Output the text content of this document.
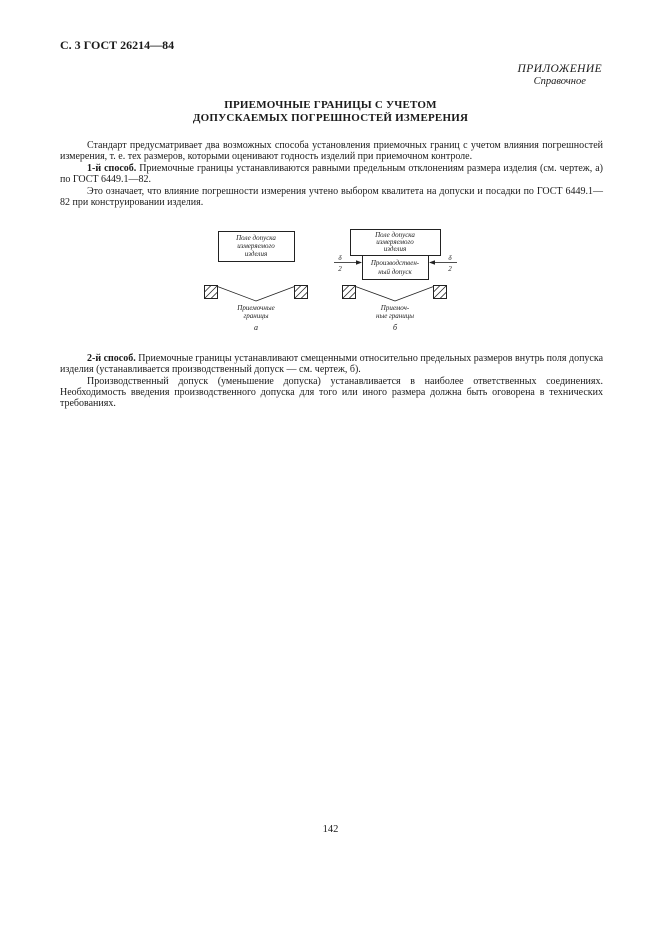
С. 3 ГОСТ 26214—84
ПРИЛОЖЕНИЕ
Справочное
ПРИЕМОЧНЫЕ ГРАНИЦЫ С УЧЕТОМ
ДОПУСКАЕМЫХ ПОГРЕШНОСТЕЙ ИЗМЕРЕНИЯ

Стандарт предусматривает два возможных способа установления приемочных границ с учетом влияния погрешностей измерения, т. е. тех размеров, которыми оценивают годность изделий при приемочном контроле.

1-й способ. Приемочные границы устанавливаются равными предельным отклонениям размера изделия (см. чертеж, а) по ГОСТ 6449.1—82.

Это означает, что влияние погрешности измерения учтено выбором квалитета на допуски и посадки по ГОСТ 6449.1—82 при конструировании изделия.

Поле допуска
измеряемого
изделия
Приемочные
границы
а
Поле допуска
измеряемого
изделия
Производствен-
ный допуск
δ
2
δ
2
Приемоч-
ные границы
б

2-й способ. Приемочные границы устанавливают смещенными относительно предельных размеров внутрь поля допуска изделия (устанавливается производственный допуск — см. чертеж, б).

Производственный допуск (уменьшение допуска) устанавливается в наиболее ответственных соединениях. Необходимость введения производственного допуска для того или иного размера должна быть оговорена в технических требованиях.

142
